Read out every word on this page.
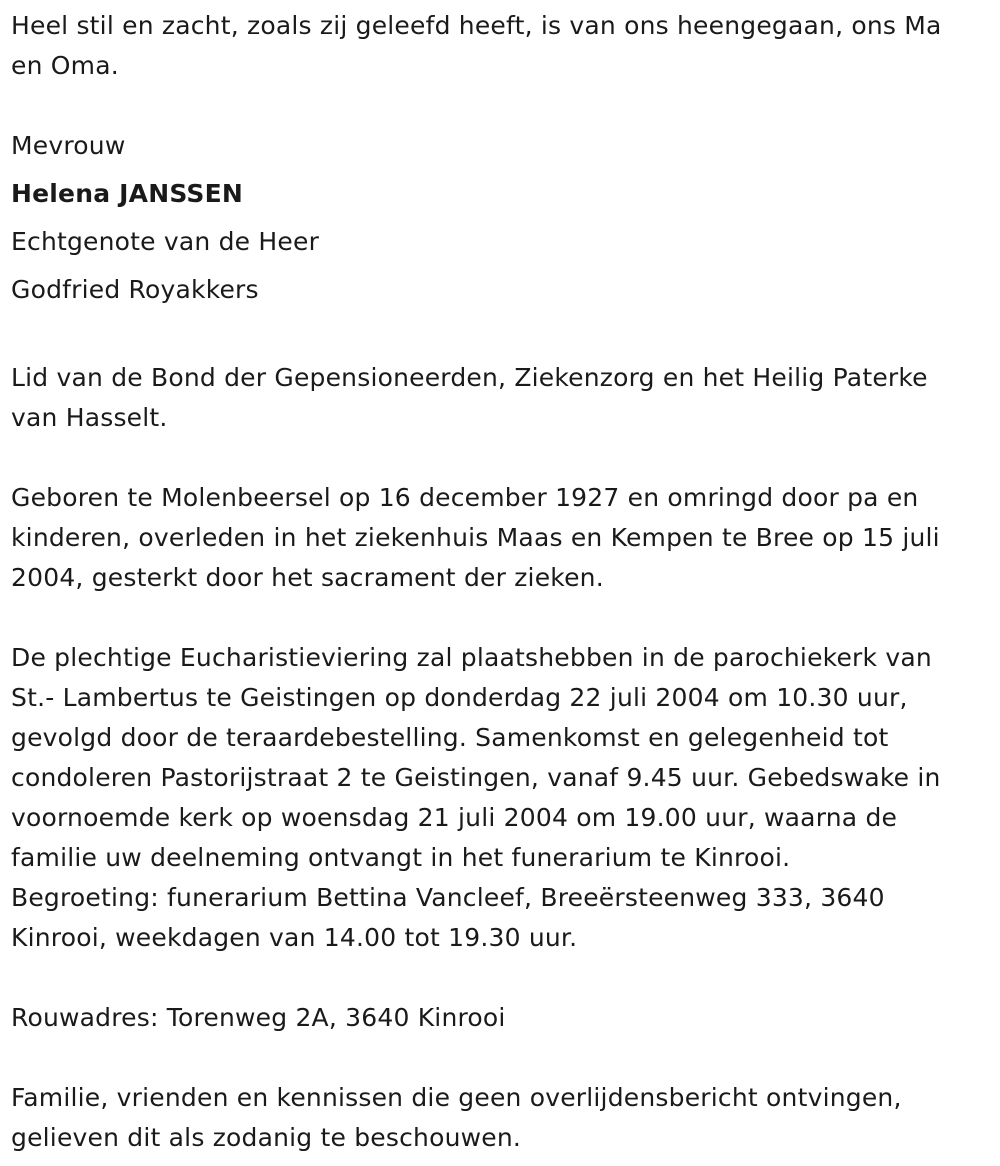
Heel stil en zacht, zoals zij geleefd heeft, is van ons heengegaan, ons Ma
en Oma.
Mevrouw
Helena JANSSEN
Echtgenote van de Heer
Godfried Royakkers
Lid van de Bond der Gepensioneerden, Ziekenzorg en het Heilig Paterke
van Hasselt.
Geboren te Molenbeersel op 16 december 1927 en omringd door pa en
kinderen, overleden in het ziekenhuis Maas en Kempen te Bree op 15 juli
2004, gesterkt door het sacrament der zieken.
De plechtige Eucharistieviering zal plaatshebben in de parochiekerk van
St.- Lambertus te Geistingen op donderdag 22 juli 2004 om 10.30 uur,
gevolgd door de teraardebestelling. Samenkomst en gelegenheid tot
condoleren Pastorijstraat 2 te Geistingen, vanaf 9.45 uur. Gebedswake in
voornoemde kerk op woensdag 21 juli 2004 om 19.00 uur, waarna de
familie uw deelneming ontvangt in het funerarium te Kinrooi.
Begroeting: funerarium Bettina Vancleef, Breeërsteenweg 333, 3640
Kinrooi, weekdagen van 14.00 tot 19.30 uur.
Rouwadres: Torenweg 2A, 3640 Kinrooi
Familie, vrienden en kennissen die geen overlijdensbericht ontvingen,
gelieven dit als zodanig te beschouwen.
